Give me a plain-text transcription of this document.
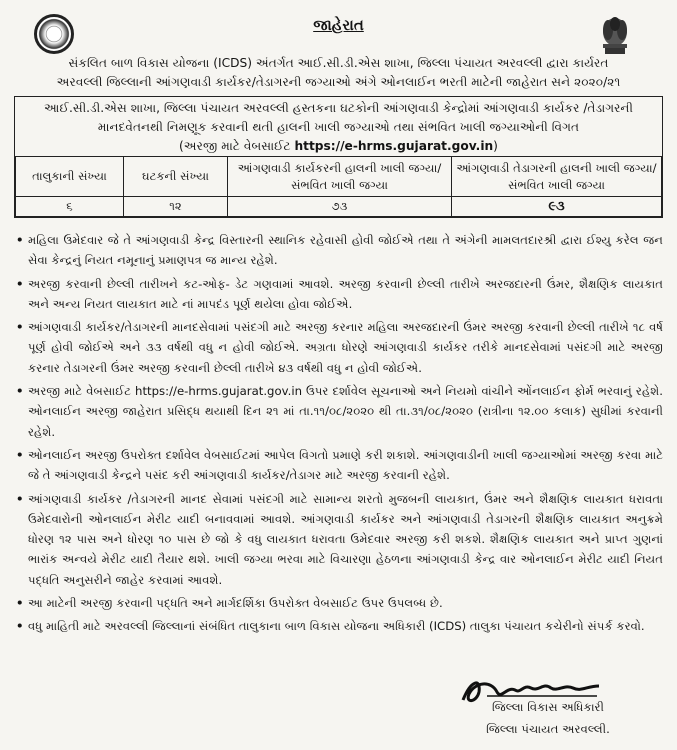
જાહેરાત
સંકલિત બાળ વિકાસ યોજના (ICDS) અંતર્ગત આઈ.સી.ડી.એસ શાખા, જિલ્લા પંચાયત અરવલ્લી દ્વારા કાર્યરત અરવલ્લી જિલ્લાની આંગણવાડી કાર્યકર/તેડાગરની જગ્યાઓ અંગે ઓનલાઈન ભરતી માટેની જાહેરાત સને ૨૦૨૦/૨૧
આઈ.સી.ડી.એસ શાખા, જિલ્લા પંચાયત અરવલ્લી હસ્તકના ઘટકોની આંગણવાડી કેન્દ્રોમાં આંગણવાડી કાર્યકર /તેડાગરની માનદવેતનથી નિમણૂક કરવાની થતી હાલની ખાલી જગ્યાઓ તથા સંભવિત ખાલી જગ્યાઓની વિગત
(અરજી માટે વેબસાઈટ https://e-hrms.gujarat.gov.in)
તાલુકાની સંખ્યા	ઘટકની સંખ્યા	આંગણવાડી કાર્યકરની હાલની ખાલી જગ્યા/ સંભવિત ખાલી જગ્યા	આંગણવાડી તેડાગરની હાલની ખાલી જગ્યા/સંભવિત ખાલી જગ્યા
૬	૧૨	૭૩	૯૩
• મહિલા ઉમેદવાર જે તે આંગણવાડી કેન્દ્ર વિસ્તારની સ્થાનિક રહેવાસી હોવી જોઈએ તથા તે અંગેની મામલતદારશ્રી દ્વારા ઈશ્યુ કરેલ જન સેવા કેન્દ્રનું નિયત નમૂનાનું પ્રમાણપત્ર જ માન્ય રહેશે.
• અરજી કરવાની છેલ્લી તારીખને કટ-ઓફ- ડેટ ગણવામાં આવશે. અરજી કરવાની છેલ્લી તારીખે અરજદારની ઉંમર, શૈક્ષણિક લાયકાત અને અન્ય નિયત લાયકાત માટે નાં માપદંડ પૂર્ણ થયેલા હોવા જોઈએ.
• આંગણવાડી કાર્યકર/તેડાગરની માનદસેવામાં પસંદગી માટે અરજી કરનાર મહિલા અરજદારની ઉંમર અરજી કરવાની છેલ્લી તારીખે ૧૮ વર્ષ પૂર્ણ હોવી જોઈએ અને ૩૩ વર્ષથી વધુ ન હોવી જોઈએ. અગ્રતા ધોરણે આંગણવાડી કાર્યકર તરીકે માનદસેવામાં પસંદગી માટે અરજી કરનાર તેડાગરની ઉંમર અરજી કરવાની છેલ્લી તારીખે ૪૩ વર્ષથી વધુ ન હોવી જોઈએ.
• અરજી માટે વેબસાઈટ https://e-hrms.gujarat.gov.in ઉપર દર્શાવેલ સૂચનાઓ અને નિયમો વાંચીને ઓંનલાઈન ફોર્મ ભરવાનું રહેશે. ઓનલાઈન અરજી જાહેરાત પ્રસિદ્ધ થયાથી દિન ૨૧ માં તા.૧૧/૦૮/૨૦૨૦ થી તા.૩૧/૦૮/૨૦૨૦ (રાત્રીના ૧૨.૦૦ કલાક) સુધીમાં કરવાની રહેશે.
• ઓનલાઈન અરજી ઉપરોક્ત દર્શાવેલ વેબસાઈટમાં આપેલ વિગતો પ્રમાણે કરી શકાશે. આંગણવાડીની ખાલી જગ્યાઓમાં અરજી કરવા માટે જે તે આંગણવાડી કેન્દ્રને પસંદ કરી આંગણવાડી કાર્યકર/તેડાગર માટે અરજી કરવાની રહેશે.
• આંગણવાડી કાર્યકર /તેડાગરની માનદ સેવામાં પસંદગી માટે સામાન્ય શરતો મુજબની લાયકાત, ઉંમર અને શૈક્ષણિક લાયકાત ધરાવતા ઉમેદવારોની ઓનલાઈન મેરીટ યાદી બનાવવામાં આવશે. આંગણવાડી કાર્યકર અને આંગણવાડી તેડાગરની શૈક્ષણિક લાયકાત અનુક્રમે ધોરણ ૧૨ પાસ અને ધોરણ ૧૦ પાસ છે જો કે વધુ લાયકાત ધરાવતા ઉમેદવાર અરજી કરી શકશે. શૈક્ષણિક લાયકાત અને પ્રાપ્ત ગુણનાં ભારાંક અન્વયે મેરીટ યાદી તૈયાર થશે. ખાલી જગ્યા ભરવા માટે વિચારણા હેઠળના આંગણવાડી કેન્દ્ર વાર ઓનલાઈન મેરીટ યાદી નિયત પદ્ધતિ અનુસરીને જાહેર કરવામાં આવશે.
• આ માટેની અરજી કરવાની પદ્ધતિ અને માર્ગદર્શિકા ઉપરોક્ત વેબસાઈટ ઉપર ઉપલબ્ધ છે.
• વધુ માહિતી માટે અરવલ્લી જિલ્લાનાં સંબંધિત તાલુકાના બાળ વિકાસ યોજના અધિકારી (ICDS) તાલુકા પંચાયત કચેરીનો સંપર્ક કરવો.
જિલ્લા વિકાસ અધિકારી
જિલ્લા પંચાયત અરવલ્લી.
